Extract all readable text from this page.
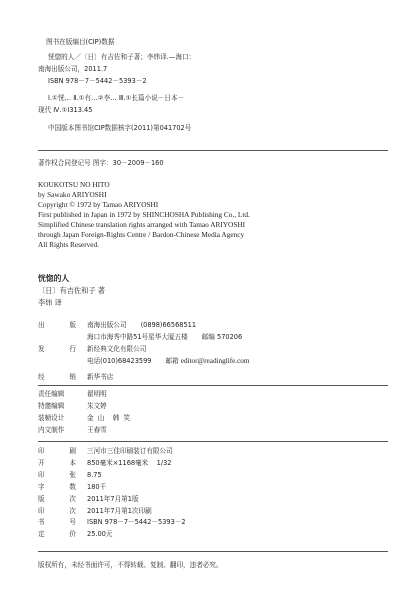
图书在版编目(CIP)数据
恍惚的人／〔日〕有吉佐和子著；李炜译.—海口：
南海出版公司，2011.7
ISBN 978－7－5442－5393－2
Ⅰ.①恍… Ⅱ.①有…②李… Ⅲ.①长篇小说－日本－
现代 Ⅳ.①I313.45
中国版本图书馆CIP数据核字(2011)第041702号
著作权合同登记号 图字：30－2009－160
KOUKOTSU NO HITO
by Sawako ARIYOSHI
Copyright © 1972 by Tamao ARIYOSHI
First published in Japan in 1972 by SHINCHOSHA Publishing Co., Ltd.
Simplified Chinese translation rights arranged with Tamao ARIYOSHI
through Japan Foreign-Rights Centre / Bardon-Chinese Media Agency
All Rights Reserved.
恍惚的人
〔日〕有吉佐和子 著
李炜 译
出版	南海出版公司 (0898)66568511
	海口市海秀中路51号星华大厦五楼 邮编 570206
发行	新经典文化有限公司
	电话(010)68423599 邮箱 editor@readinglife.com
经销	新华书店
责任编辑	翟明明
特邀编辑	朱文婷
装帧设计	金  山    韩  笑
内文制作	王春雪
印刷	三河市三佳印刷装订有限公司
开本	850毫米×1168毫米    1/32
印张	8.75
字数	180千
版次	2011年7月第1版
印次	2011年7月第1次印刷
书号	ISBN 978－7－5442－5393－2
定价	25.00元
版权所有，未经书面许可，不得转载、复制、翻印，违者必究。
